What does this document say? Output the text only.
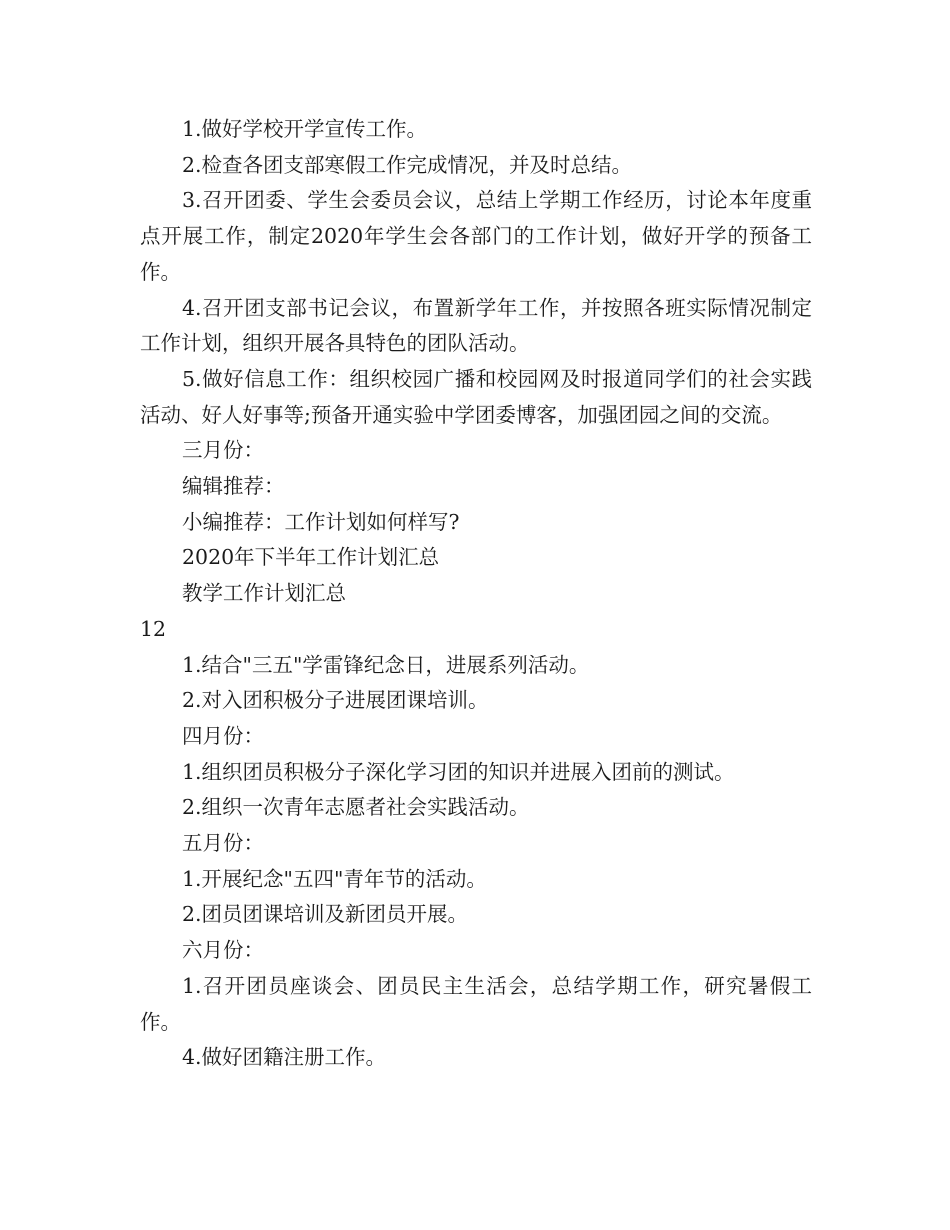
1.做好学校开学宣传工作。

2.检查各团支部寒假工作完成情况，并及时总结。

3.召开团委、学生会委员会议，总结上学期工作经历，讨论本年度重点开展工作，制定2020年学生会各部门的工作计划，做好开学的预备工作。

4.召开团支部书记会议，布置新学年工作，并按照各班实际情况制定工作计划，组织开展各具特色的团队活动。

5.做好信息工作：组织校园广播和校园网及时报道同学们的社会实践活动、好人好事等;预备开通实验中学团委博客，加强团园之间的交流。

三月份：

编辑推荐：

小编推荐：工作计划如何样写?

2020年下半年工作计划汇总

教学工作计划汇总

12

1.结合"三五"学雷锋纪念日，进展系列活动。

2.对入团积极分子进展团课培训。

四月份：

1.组织团员积极分子深化学习团的知识并进展入团前的测试。

2.组织一次青年志愿者社会实践活动。

五月份：

1.开展纪念"五四"青年节的活动。

2.团员团课培训及新团员开展。

六月份：

1.召开团员座谈会、团员民主生活会，总结学期工作，研究暑假工作。

4.做好团籍注册工作。
